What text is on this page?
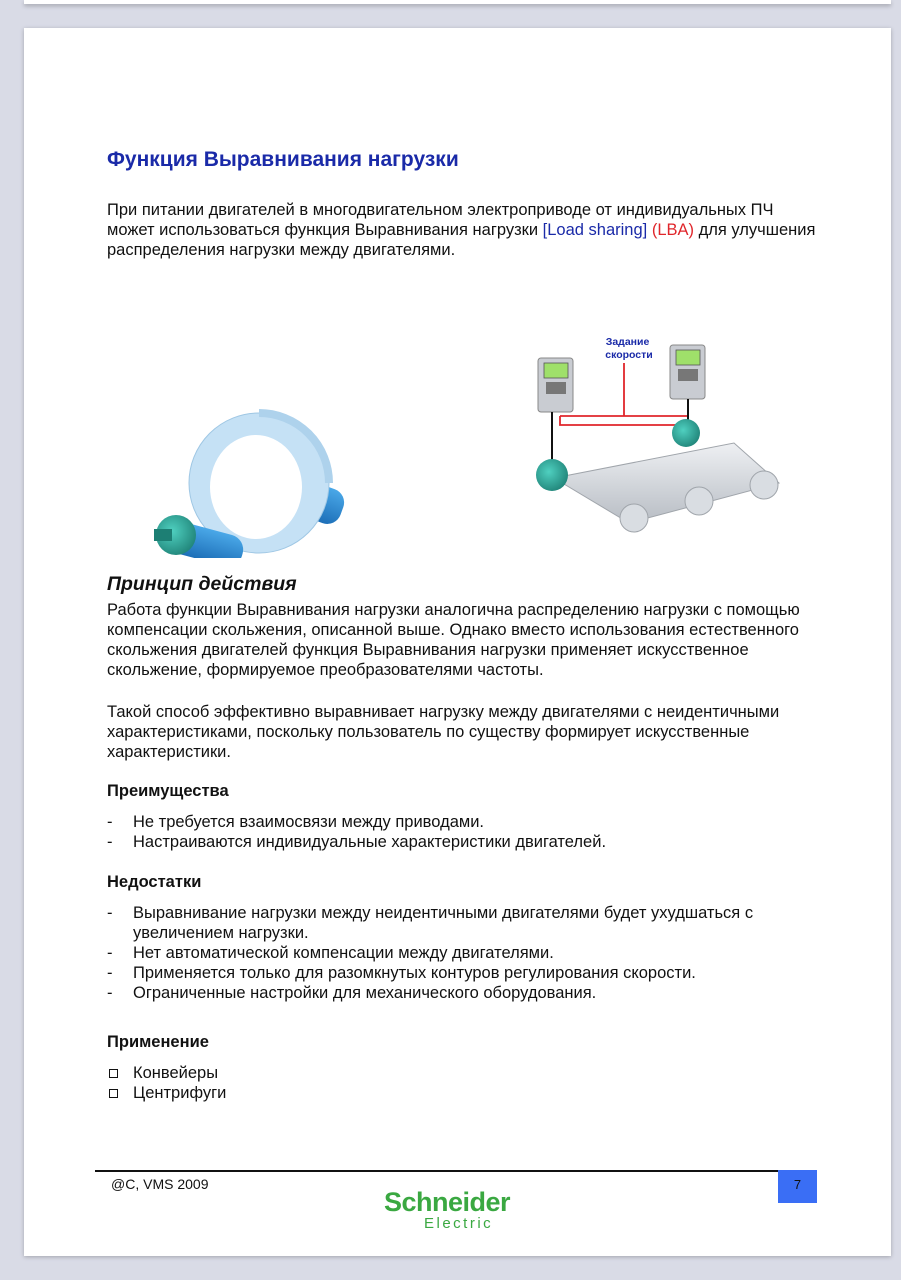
Функция Выравнивания нагрузки

При питании двигателей в многодвигательном электроприводе от индивидуальных ПЧ может использоваться функция Выравнивания нагрузки [Load sharing] (LBA) для улучшения распределения нагрузки между двигателями.

Задание скорости
Принцип действия

Работа функции Выравнивания нагрузки аналогична распределению нагрузки с помощью компенсации скольжения, описанной выше. Однако вместо использования естественного скольжения двигателей функция Выравнивания нагрузки применяет искусственное скольжение, формируемое преобразователями частоты.

Такой способ эффективно выравнивает нагрузку между двигателями с неидентичными характеристиками, поскольку пользователь по существу формирует искусственные характеристики.

Преимущества
-	Не требуется взаимосвязи между приводами.
-	Настраиваются индивидуальные характеристики двигателей.
Недостатки
-	Выравнивание нагрузки между неидентичными двигателями будет ухудшаться с увеличением нагрузки.
-	Нет автоматической компенсации между двигателями.
-	Применяется только для разомкнутых контуров регулирования скорости.
-	Ограниченные настройки для механического оборудования.
Применение
Конвейеры
Центрифуги
@C, VMS 2009	7
Schneider
Electric
